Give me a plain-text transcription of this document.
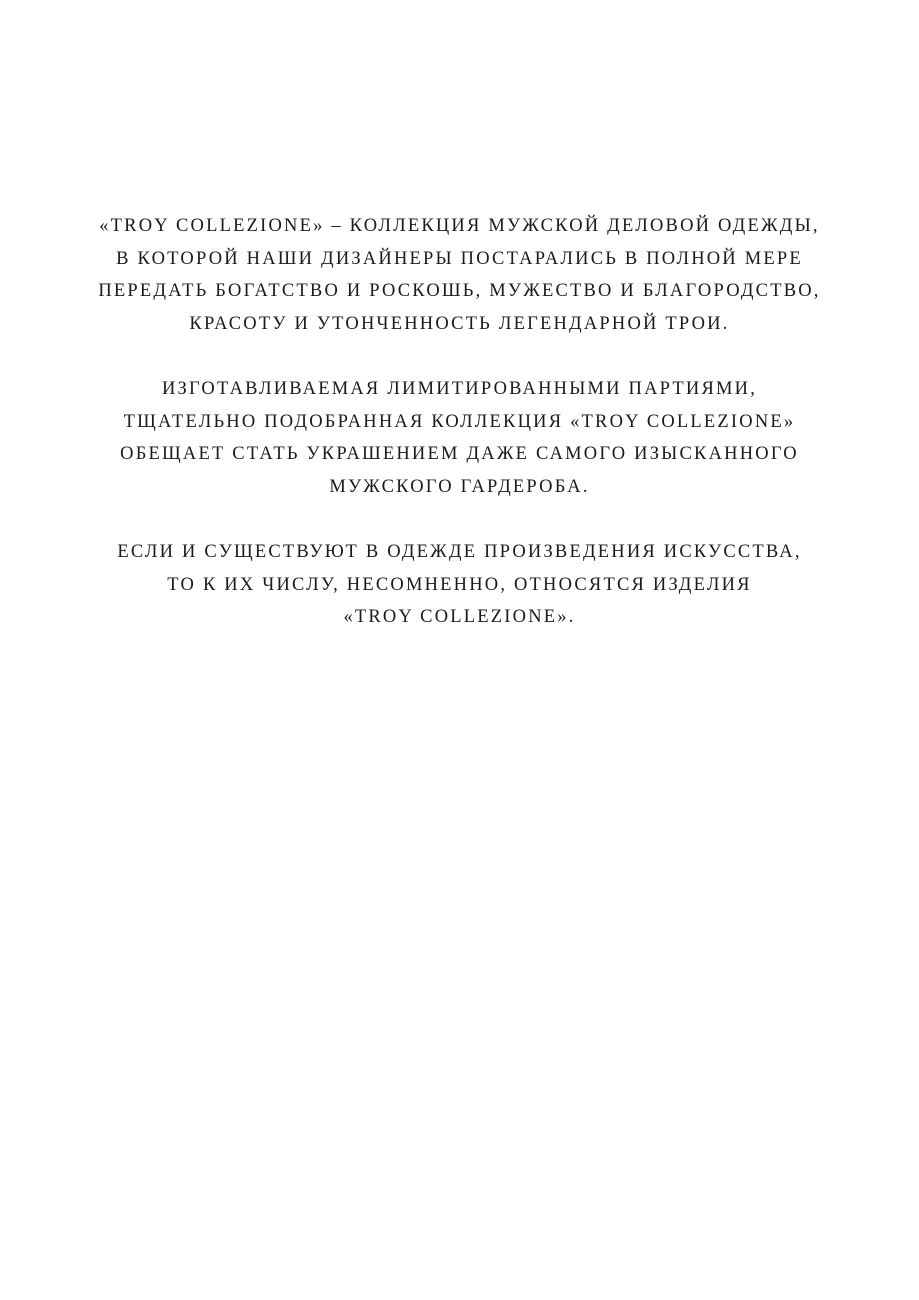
«TROY COLLEZIONE» – КОЛЛЕКЦИЯ МУЖСКОЙ ДЕЛОВОЙ ОДЕЖДЫ,
В КОТОРОЙ НАШИ ДИЗАЙНЕРЫ ПОСТАРАЛИСЬ В ПОЛНОЙ МЕРЕ
ПЕРЕДАТЬ БОГАТСТВО И РОСКОШЬ, МУЖЕСТВО И БЛАГОРОДСТВО,
КРАСОТУ И УТОНЧЕННОСТЬ ЛЕГЕНДАРНОЙ ТРОИ.

ИЗГОТАВЛИВАЕМАЯ ЛИМИТИРОВАННЫМИ ПАРТИЯМИ,
ТЩАТЕЛЬНО ПОДОБРАННАЯ КОЛЛЕКЦИЯ «TROY COLLEZIONE»
ОБЕЩАЕТ СТАТЬ УКРАШЕНИЕМ ДАЖЕ САМОГО ИЗЫСКАННОГО
МУЖСКОГО ГАРДЕРОБА.

ЕСЛИ И СУЩЕСТВУЮТ В ОДЕЖДЕ ПРОИЗВЕДЕНИЯ ИСКУССТВА,
ТО К ИХ ЧИСЛУ, НЕСОМНЕННО, ОТНОСЯТСЯ ИЗДЕЛИЯ
«TROY COLLEZIONE».
